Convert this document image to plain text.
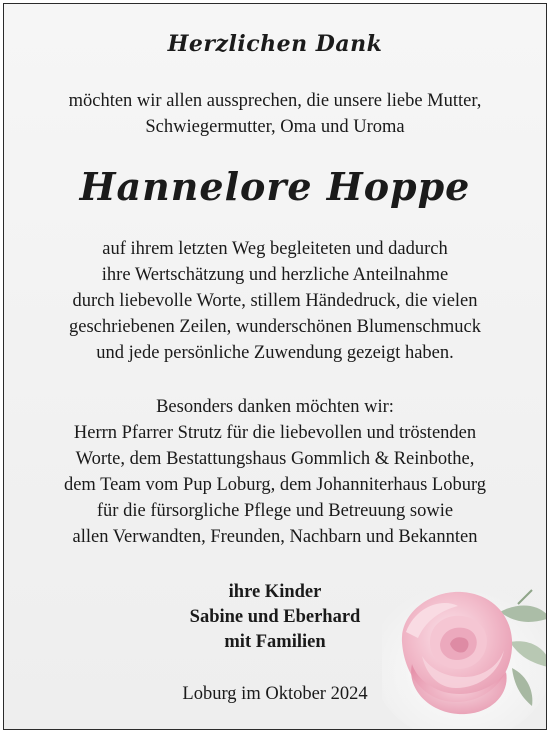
Herzlichen Dank
möchten wir allen aussprechen, die unsere liebe Mutter,
Schwiegermutter, Oma und Uroma
Hannelore Hoppe
auf ihrem letzten Weg begleiteten und dadurch
ihre Wertschätzung und herzliche Anteilnahme
durch liebevolle Worte, stillem Händedruck, die vielen
geschriebenen Zeilen, wunderschönen Blumenschmuck
und jede persönliche Zuwendung gezeigt haben.
Besonders danken möchten wir:
Herrn Pfarrer Strutz für die liebevollen und tröstenden
Worte, dem Bestattungshaus Gommlich & Reinbothe,
dem Team vom Pup Loburg, dem Johanniterhaus Loburg
für die fürsorgliche Pflege und Betreuung sowie
allen Verwandten, Freunden, Nachbarn und Bekannten
ihre Kinder
Sabine und Eberhard
mit Familien
Loburg im Oktober 2024
